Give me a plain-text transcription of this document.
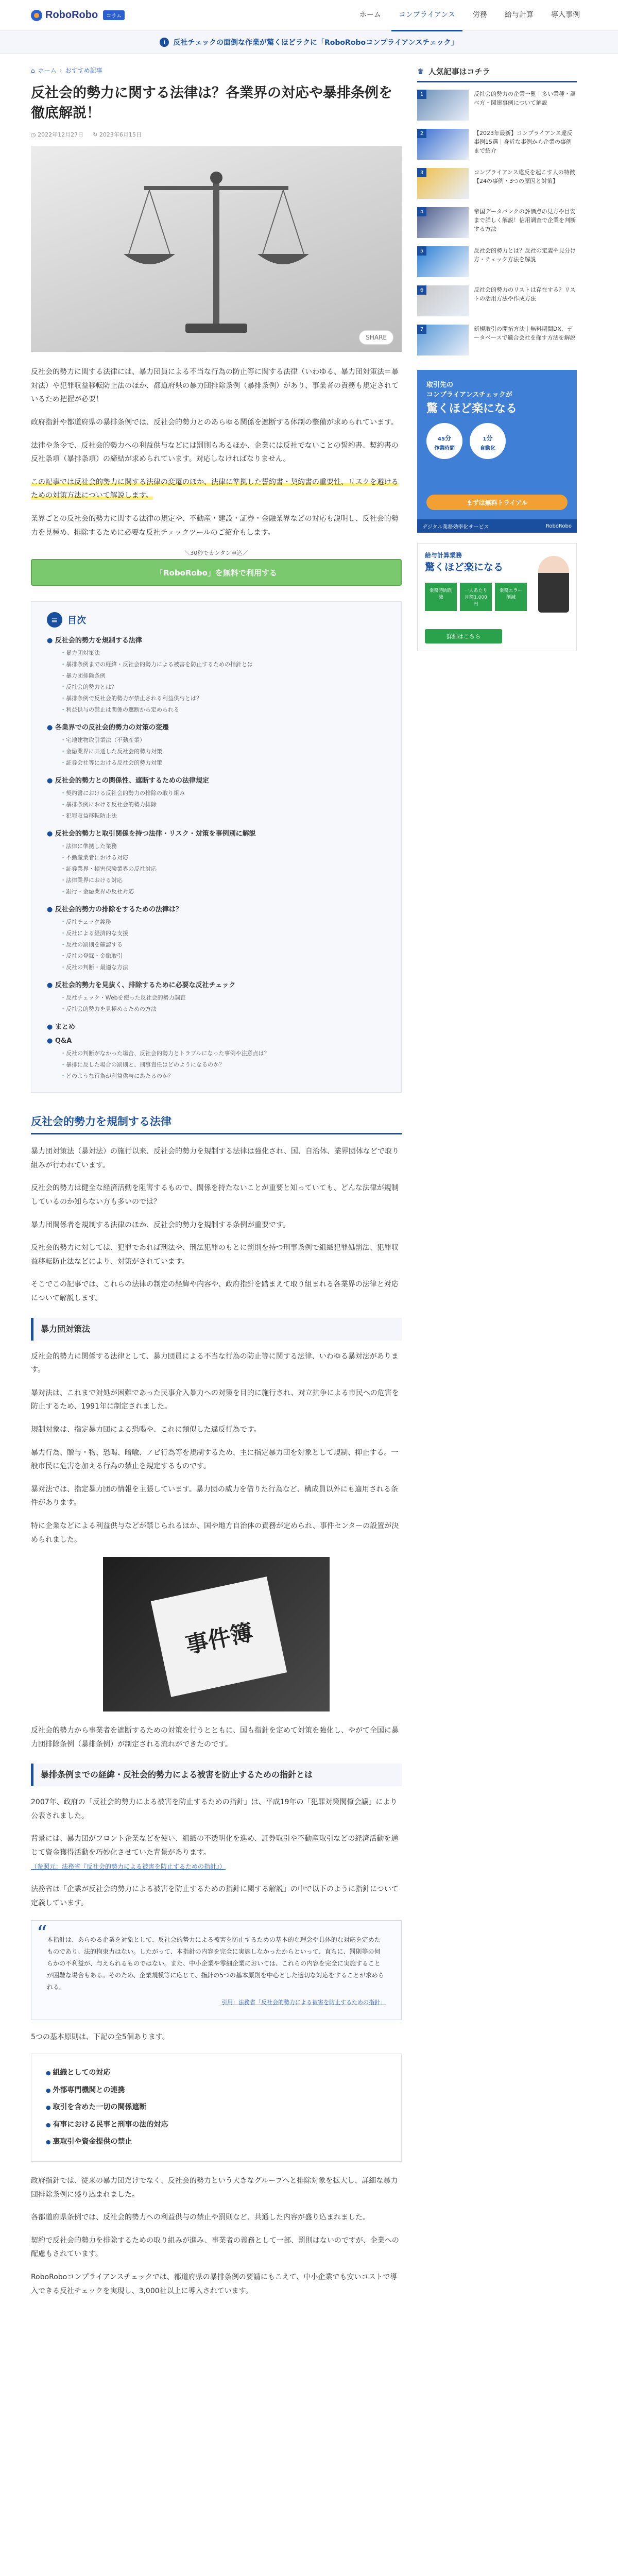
RoboRobo	コラム	ホーム	コンプライアンス	労務	給与計算	導入事例
i	反社チェックの面倒な作業が驚くほどラクに「RoboRoboコンプライアンスチェック」
⌂ ホーム › おすすめ記事
反社会的勢力に関する法律は？各業界の対応や暴排条例を徹底解説！
◷ 2022年12月27日 ↻ 2023年6月15日
SHARE

反社会的勢力に関する法律には、暴力団員による不当な行為の防止等に関する法律（いわゆる、暴力団対策法＝暴対法）や犯罪収益移転防止法のほか、都道府県の暴力団排除条例（暴排条例）があり、事業者の責務も規定されているため把握が必要！

政府指針や都道府県の暴排条例では、反社会的勢力とのあらゆる関係を遮断する体制の整備が求められています。

法律や条令で、反社会的勢力への利益供与などには罰則もあるほか、企業には反社でないことの誓約書、契約書の反社条項（暴排条項）の締結が求められています。対応しなければなりません。

この記事では反社会的勢力に関する法律の変遷のほか、法律に準拠した誓約書・契約書の重要性、リスクを避けるための対策方法について解説します。

業界ごとの反社会的勢力に関する法律の規定や、不動産・建設・証券・金融業界などの対応も説明し、反社会的勢力を見極め、排除するために必要な反社チェックツールのご紹介もします。

＼30秒でカンタン申込／
「RoboRobo」を無料で利用する
≡	目次
● 反社会的勢力を規制する法律
・ 暴力団対策法
・ 暴排条例までの経緯・反社会的勢力による被害を防止するための指針とは
・ 暴力団排除条例
・ 反社会的勢力とは？
・ 暴排条例で反社会的勢力が禁止される利益供与とは？
・ 利益供与の禁止は関係の遮断から定められる
● 各業界での反社会的勢力の対策の変遷
・ 宅地建物取引業法（不動産業）
・ 金融業界に共通した反社会的勢力対策
・ 証券会社等における反社会的勢力対策
● 反社会的勢力との関係性、遮断するための法律規定
・ 契約書における反社会的勢力の排除の取り組み
・ 暴排条例における反社会的勢力排除
・ 犯罪収益移転防止法
● 反社会的勢力と取引関係を持つ法律・リスク・対策を事例別に解説
・ 法律に準拠した業務
・ 不動産業者における対応
・ 証券業界・損害保険業界の反社対応
・ 法律業界における対応
・ 銀行・金融業界の反社対応
● 反社会的勢力の排除をするための法律は？
・ 反社チェック義務
・ 反社による経済的な支援
・ 反社の罰則を確認する
・ 反社の登録・金融取引
・ 反社の判断・最適な方法
● 反社会的勢力を見抜く、排除するために必要な反社チェック
・ 反社チェック・Webを使った反社会的勢力調査
・ 反社会的勢力を見極めるための方法
● まとめ
● Q&A
・ 反社の判断がなかった場合、反社会的勢力とトラブルになった事例や注意点は？
・ 暴排に反した場合の罰則と、刑事責任はどのようになるのか？
・ どのような行為が利益供与にあたるのか？
反社会的勢力を規制する法律

暴力団対策法（暴対法）の施行以来、反社会的勢力を規制する法律は強化され、国、自治体、業界団体などで取り組みが行われています。

反社会的勢力は健全な経済活動を阻害するもので、関係を持たないことが重要と知っていても、どんな法律が規制しているのか知らない方も多いのでは？

暴力団関係者を規制する法律のほか、反社会的勢力を規制する条例が重要です。

反社会的勢力に対しては、犯罪であれば刑法や、刑法犯罪のもとに罰則を持つ刑事条例で組織犯罪処罰法、犯罪収益移転防止法などにより、対策がされています。

そこでこの記事では、これらの法律の制定の経緯や内容や、政府指針を踏まえて取り組まれる各業界の法律と対応について解説します。

暴力団対策法

反社会的勢力に関係する法律として、暴力団員による不当な行為の防止等に関する法律、いわゆる暴対法があります。

暴対法は、これまで対処が困難であった民事介入暴力への対策を目的に施行され、対立抗争による市民への危害を防止するため、1991年に制定されました。

規制対象は、指定暴力団による恐喝や、これに類似した違反行為です。

暴力行為、贈与・物、恐喝、暗喩、ノビ行為等を規制するため、主に指定暴力団を対象として規制、抑止する。一般市民に危害を加える行為の禁止を規定するものです。

暴対法では、指定暴力団の情報を主張しています。暴力団の威力を借りた行為など、構成員以外にも適用される条件があります。

特に企業などによる利益供与などが禁じられるほか、国や地方自治体の責務が定められ、事件センターの設置が決められました。

事件簿

反社会的勢力から事業者を遮断するための対策を行うとともに、国も指針を定めて対策を強化し、やがて全国に暴力団排除条例（暴排条例）が制定される流れができたのです。

暴排条例までの経緯・反社会的勢力による被害を防止するための指針とは

2007年、政府の「反社会的勢力による被害を防止するための指針」は、平成19年の「犯罪対策閣僚会議」により公表されました。

背景には、暴力団がフロント企業などを使い、組織の不透明化を進め、証券取引や不動産取引などの経済活動を通じて資金獲得活動を巧妙化させていた背景があります。
（参照元：法務省『反社会的勢力による被害を防止するための指針』）

法務省は「企業が反社会的勢力による被害を防止するための指針に関する解説」の中で以下のように指針について定義しています。

“ 本指針は、あらゆる企業を対象として、反社会的勢力による被害を防止するための基本的な理念や具体的な対応を定めたものであり、法的拘束力はない。したがって、本指針の内容を完全に実施しなかったからといって、直ちに、罰則等の何らかの不利益が、与えられるものではない。また、中小企業や零細企業においては、これらの内容を完全に実施することが困難な場合もある。そのため、企業規模等に応じて、指針の5つの基本原則を中心とした適切な対応をすることが求められる。

引用：法務省「反社会的勢力による被害を防止するための指針」

5つの基本原則は、下記の全5個あります。

● 組織としての対応
● 外部専門機関との連携
● 取引を含めた一切の関係遮断
● 有事における民事と刑事の法的対応
● 裏取引や資金提供の禁止

政府指針では、従来の暴力団だけでなく、反社会的勢力という大きなグループへと排除対象を拡大し、詳細な暴力団排除条例に盛り込まれました。

各都道府県条例では、反社会的勢力への利益供与の禁止や罰則など、共通した内容が盛り込まれました。

契約で反社会的勢力を排除するための取り組みが進み、事業者の義務として一部、罰則はないのですが、企業への配慮もされています。

RoboRoboコンプライアンスチェックでは、都道府県の暴排条例の要請にもこえて、中小企業でも安いコストで導入できる反社チェックを実現し、3,000社以上に導入されています。

♛ 人気記事はコチラ
1	反社会的勢力の企業一覧｜多い業種・調べ方・関連事例について解説
2	【2023年最新】コンプライアンス違反事例15選｜身近な事例から企業の事例まで紹介
3	コンプライアンス違反を起こす人の特徴【24の事例・3つの原因と対策】
4	帝国データバンクの評価点の見方や目安まで詳しく解説！信用調査で企業を判断する方法
5	反社会的勢力とは？反社の定義や見分け方・チェック方法を解説
6	反社会的勢力のリストは存在する？リストの活用方法や作成方法
7	新規取引の開拓方法｜無料期間DX、データベースで適合会社を探す方法を解説
取引先の
コンプライアンスチェックが
驚くほど楽になる
45分
作業時間
1分
自動化
まずは無料トライアル
デジタル業務効率化サービス	RoboRobo
給与計算業務
驚くほど楽になる
業務時間削減
一人あたり月額1,000円
業務エラー削減
詳細はこちら
